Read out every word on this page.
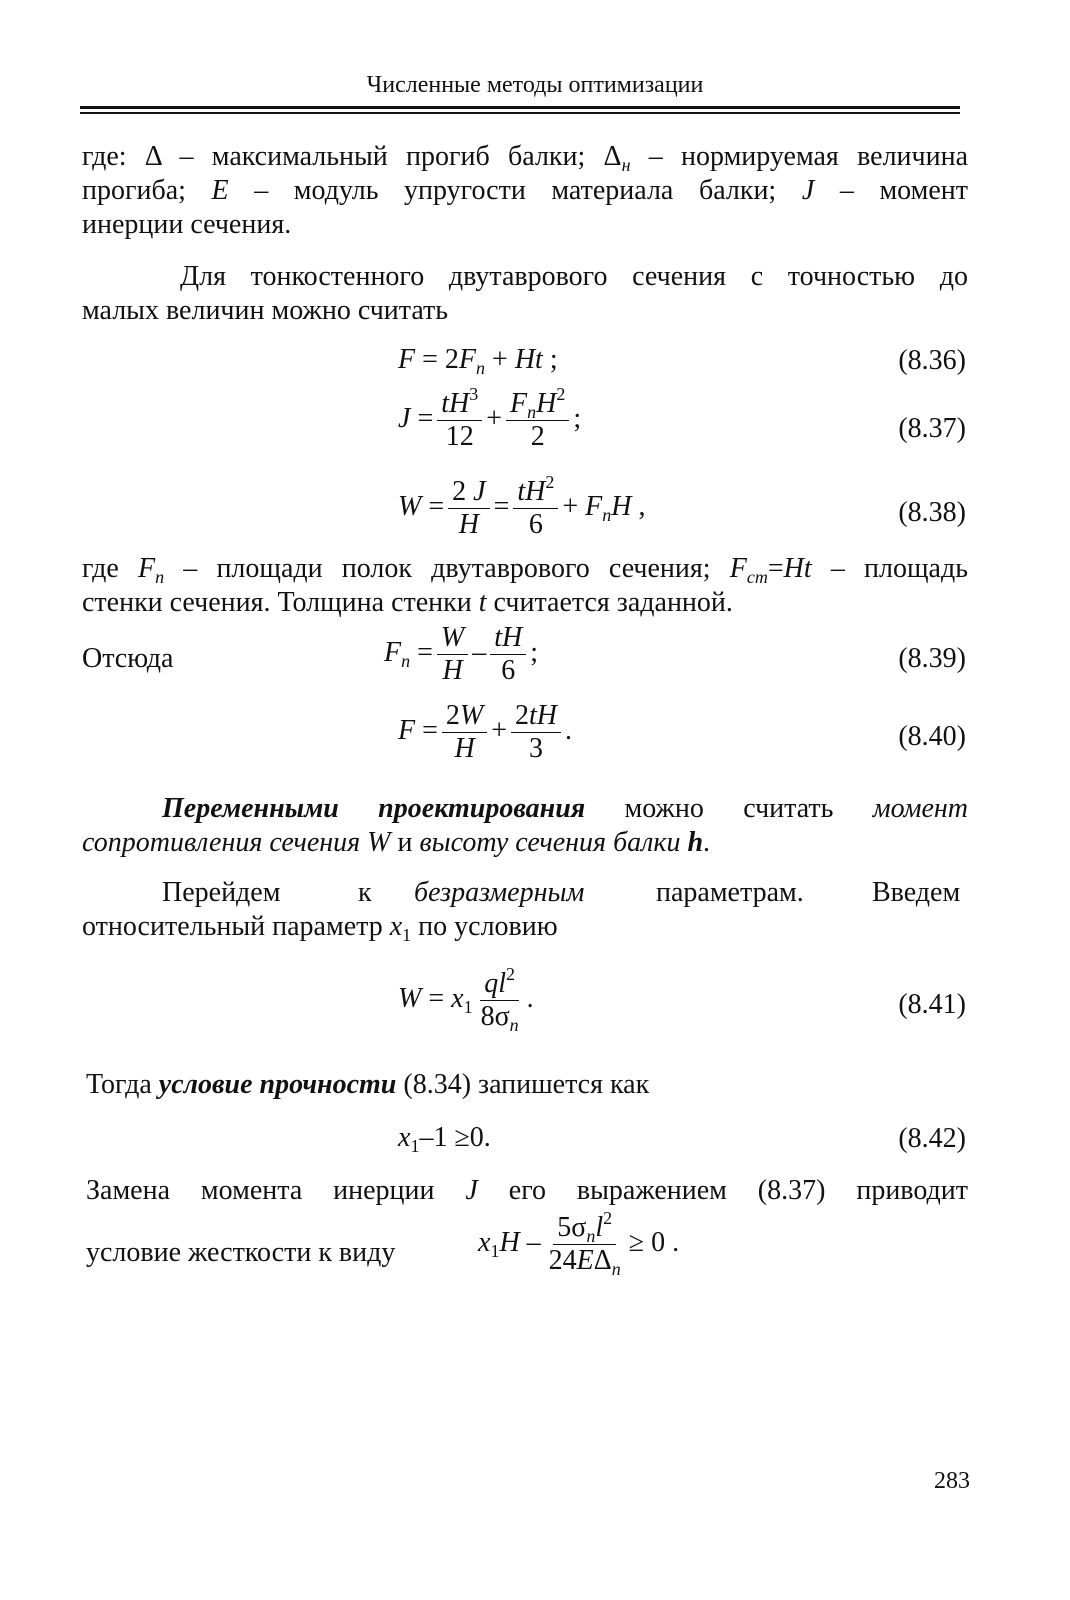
Численные методы оптимизации
где: Δ – максимальный прогиб балки; $\Delta_н$ – нормируемая величина
прогиба; E – модуль упругости материала балки; J – момент
инерции сечения.
Для тонкостенного двутаврового сечения с точностью до
малых величин можно считать
$F = 2F_п + Ht$ ;	(8.36)
$J = \frac{tH^3}{12} + \frac{F_пH^2}{2}$ ;	(8.37)
$W = \frac{2 J}{H} = \frac{tH^2}{6} + F_пH$ ,	(8.38)
где $F_п$ – площади полок двутаврового сечения; $F_{ст}=Ht$ – площадь
стенки сечения. Толщина стенки t считается заданной.
Отсюда	$F_п = \frac{W}{H} - \frac{tH}{6}$ ;	(8.39)
$F = \frac{2W}{H} + \frac{2tH}{3}$ .	(8.40)
Переменными проектирования можно считать момент
сопротивления сечения W и высоту сечения балки h.
Перейдем	к безразмерным	параметрам. Введем
относительный параметр $x_1$ по условию
$W = x_1 \frac{ql^2}{8\sigma_п}$ .	(8.41)
Тогда условие прочности (8.34) запишется как
$x_1-1 \ge 0$.	(8.42)
Замена момента инерции J его выражением (8.37) приводит
условие жесткости к виду	$x_1H - \frac{5\sigma_пl^2}{24E\Delta_п} \ge 0$ .
283
